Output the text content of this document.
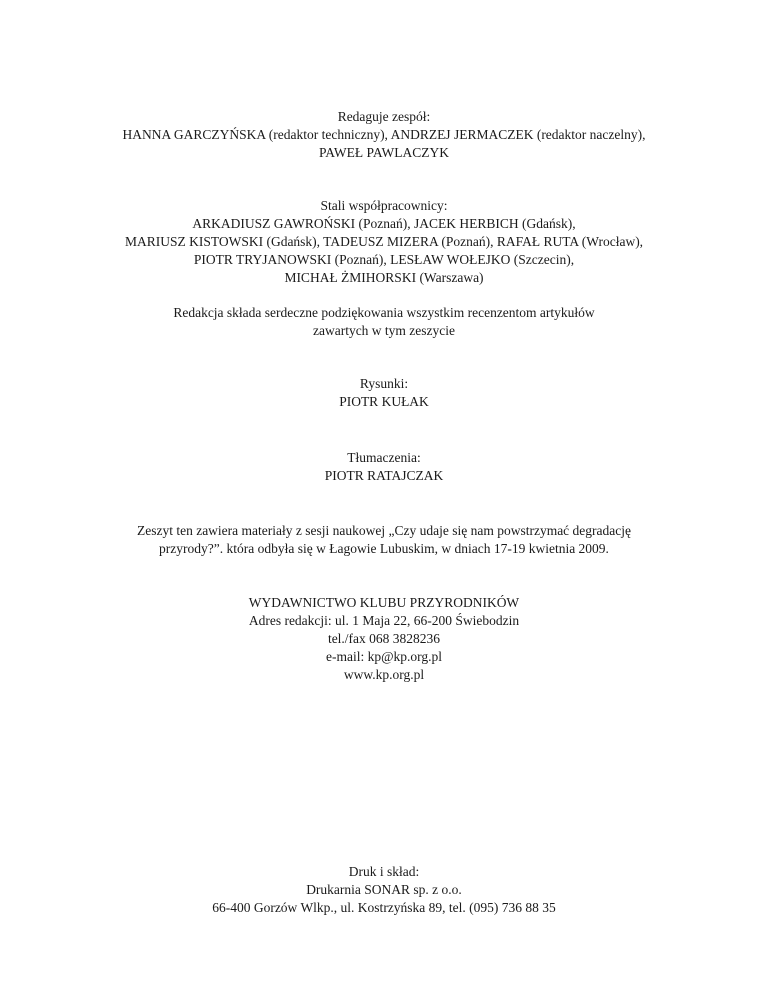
Redaguje zespół:
HANNA GARCZYŃSKA (redaktor techniczny), ANDRZEJ JERMACZEK (redaktor naczelny),
PAWEŁ PAWLACZYK
Stali współpracownicy:
ARKADIUSZ GAWROŃSKI (Poznań), JACEK HERBICH (Gdańsk),
MARIUSZ KISTOWSKI (Gdańsk), TADEUSZ MIZERA (Poznań), RAFAŁ RUTA (Wrocław),
PIOTR TRYJANOWSKI (Poznań), LESŁAW WOŁEJKO (Szczecin),
MICHAŁ ŻMIHORSKI (Warszawa)
Redakcja składa serdeczne podziękowania wszystkim recenzentom artykułów
zawartych w tym zeszycie
Rysunki:
PIOTR KUŁAK
Tłumaczenia:
PIOTR RATAJCZAK
Zeszyt ten zawiera materiały z sesji naukowej „Czy udaje się nam powstrzymać degradację
przyrody?”. która odbyła się w Łagowie Lubuskim, w dniach 17-19 kwietnia 2009.
WYDAWNICTWO KLUBU PRZYRODNIKÓW
Adres redakcji: ul. 1 Maja 22, 66-200 Świebodzin
tel./fax 068 3828236
e-mail: kp@kp.org.pl
www.kp.org.pl
Druk i skład:
Drukarnia SONAR sp. z o.o.
66-400 Gorzów Wlkp., ul. Kostrzyńska 89, tel. (095) 736 88 35
